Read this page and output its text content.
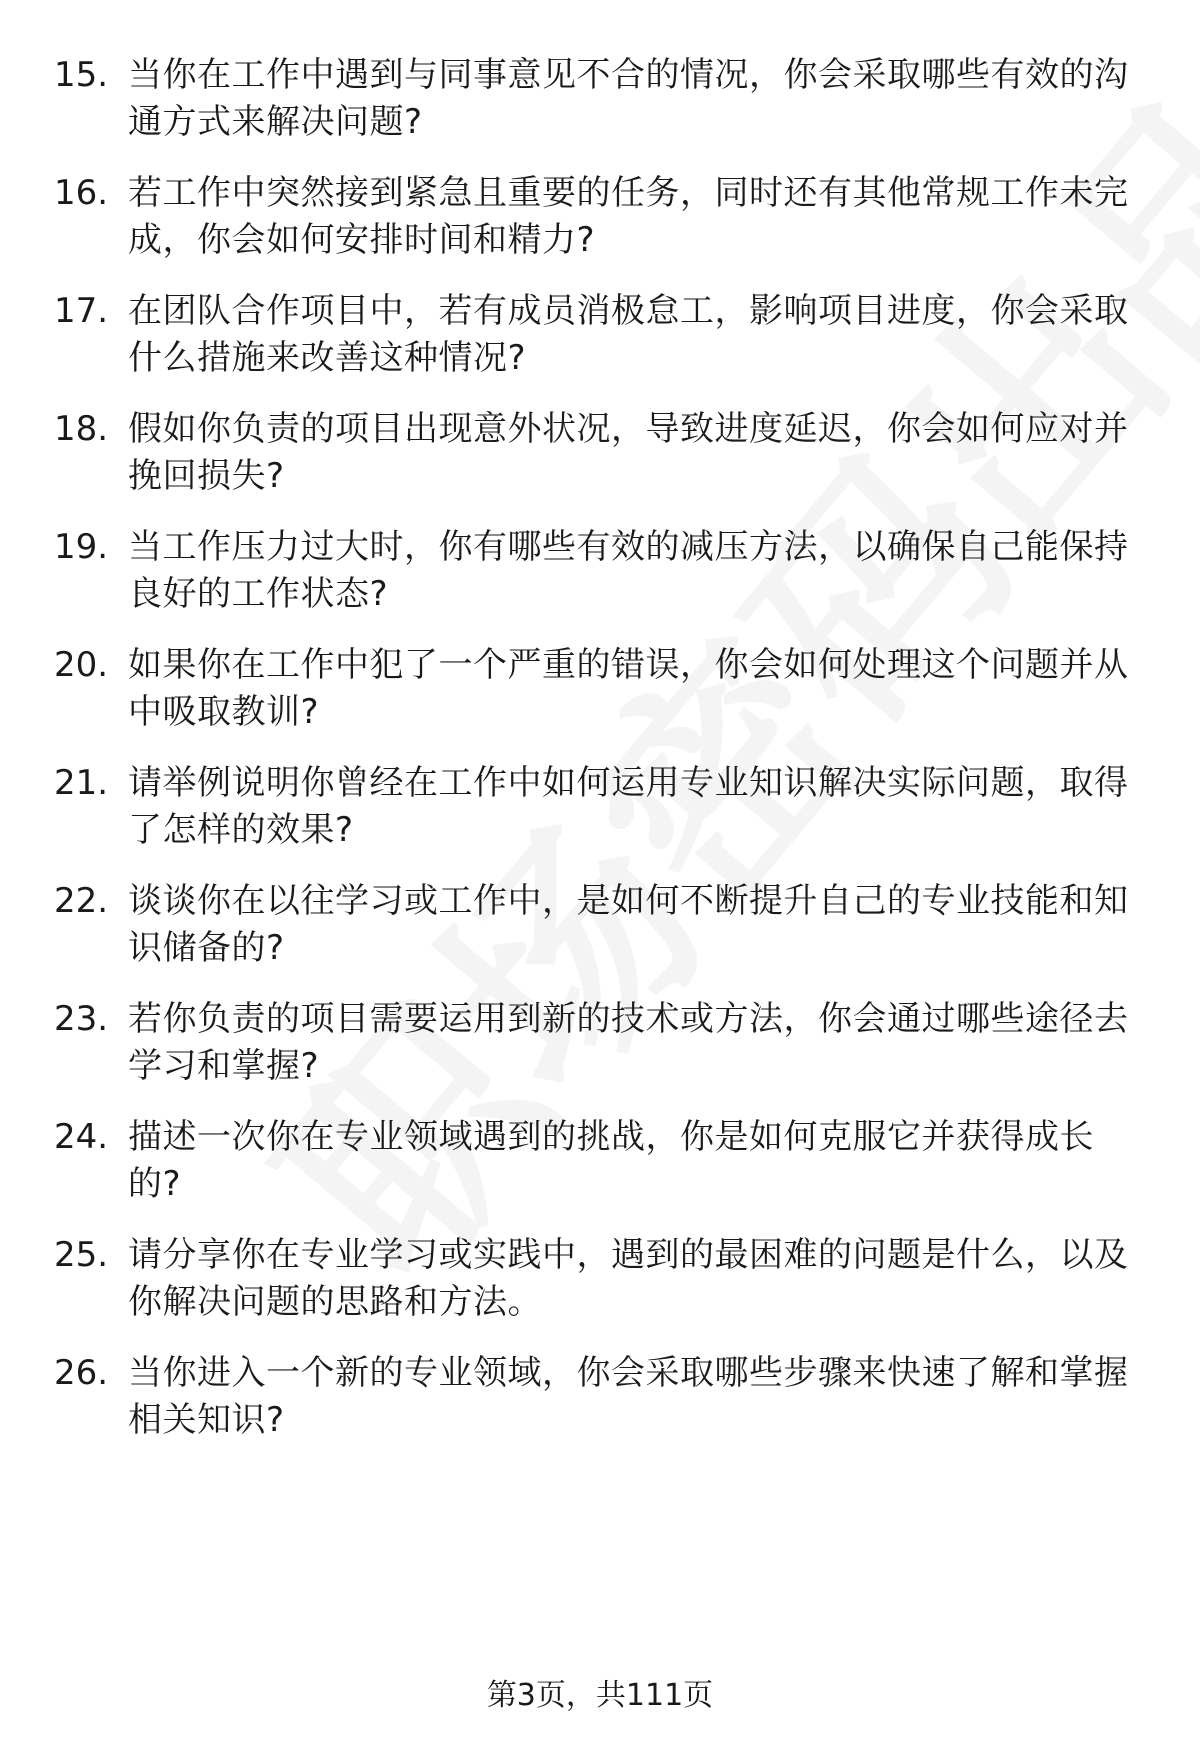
15. 当你在工作中遇到与同事意见不合的情况，你会采取哪些有效的沟通方式来解决问题?
16. 若工作中突然接到紧急且重要的任务，同时还有其他常规工作未完成，你会如何安排时间和精力?
17. 在团队合作项目中，若有成员消极怠工，影响项目进度，你会采取什么措施来改善这种情况?
18. 假如你负责的项目出现意外状况，导致进度延迟，你会如何应对并挽回损失?
19. 当工作压力过大时，你有哪些有效的减压方法，以确保自己能保持良好的工作状态?
20. 如果你在工作中犯了一个严重的错误，你会如何处理这个问题并从中吸取教训?
21. 请举例说明你曾经在工作中如何运用专业知识解决实际问题，取得了怎样的效果?
22. 谈谈你在以往学习或工作中，是如何不断提升自己的专业技能和知识储备的?
23. 若你负责的项目需要运用到新的技术或方法，你会通过哪些途径去学习和掌握?
24. 描述一次你在专业领域遇到的挑战，你是如何克服它并获得成长的?
25. 请分享你在专业学习或实践中，遇到的最困难的问题是什么，以及你解决问题的思路和方法。
26. 当你进入一个新的专业领域，你会采取哪些步骤来快速了解和掌握相关知识?
第3页，共111页
